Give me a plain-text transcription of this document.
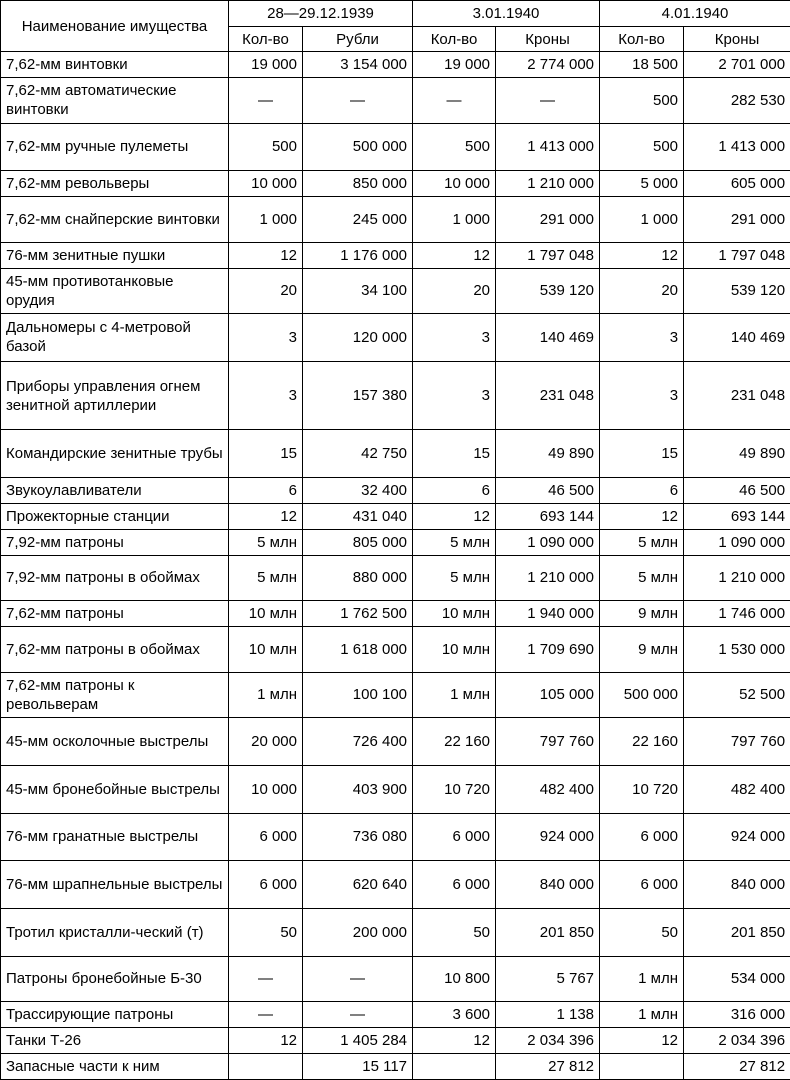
Наименование имущества	28—29.12.1939		3.01.1940		4.01.1940	
	Кол-во	Рубли	Кол-во	Кроны	Кол-во	Кроны
7,62-мм винтовки	19 000	3 154 000	19 000	2 774 000	18 500	2 701 000
7,62-мм автоматические винтовки	—	—	—	—	500	282 530
7,62-мм ручные пулеметы	500	500 000	500	1 413 000	500	1 413 000
7,62-мм револьверы	10 000	850 000	10 000	1 210 000	5 000	605 000
7,62-мм снайперские винтовки	1 000	245 000	1 000	291 000	1 000	291 000
76-мм зенитные пушки	12	1 176 000	12	1 797 048	12	1 797 048
45-мм противотанковые орудия	20	34 100	20	539 120	20	539 120
Дальномеры с 4-метровой базой	3	120 000	3	140 469	3	140 469
Приборы управления огнем зенитной артиллерии	3	157 380	3	231 048	3	231 048
Командирские зенитные трубы	15	42 750	15	49 890	15	49 890
Звукоулавливатели	6	32 400	6	46 500	6	46 500
Прожекторные станции	12	431 040	12	693 144	12	693 144
7,92-мм патроны	5 млн	805 000	5 млн	1 090 000	5 млн	1 090 000
7,92-мм патроны в обоймах	5 млн	880 000	5 млн	1 210 000	5 млн	1 210 000
7,62-мм патроны	10 млн	1 762 500	10 млн	1 940 000	9 млн	1 746 000
7,62-мм патроны в обоймах	10 млн	1 618 000	10 млн	1 709 690	9 млн	1 530 000
7,62-мм патроны к револьверам	1 млн	100 100	1 млн	105 000	500 000	52 500
45-мм осколочные выстрелы	20 000	726 400	22 160	797 760	22 160	797 760
45-мм бронебойные выстрелы	10 000	403 900	10 720	482 400	10 720	482 400
76-мм гранатные выстрелы	6 000	736 080	6 000	924 000	6 000	924 000
76-мм шрапнельные выстрелы	6 000	620 640	6 000	840 000	6 000	840 000
Тротил кристалли-ческий (т)	50	200 000	50	201 850	50	201 850
Патроны бронебойные Б-30	—	—	10 800	5 767	1 млн	534 000
Трассирующие патроны	—	—	3 600	1 138	1 млн	316 000
Танки Т-26	12	1 405 284	12	2 034 396	12	2 034 396
Запасные части к ним		15 117		27 812		27 812
